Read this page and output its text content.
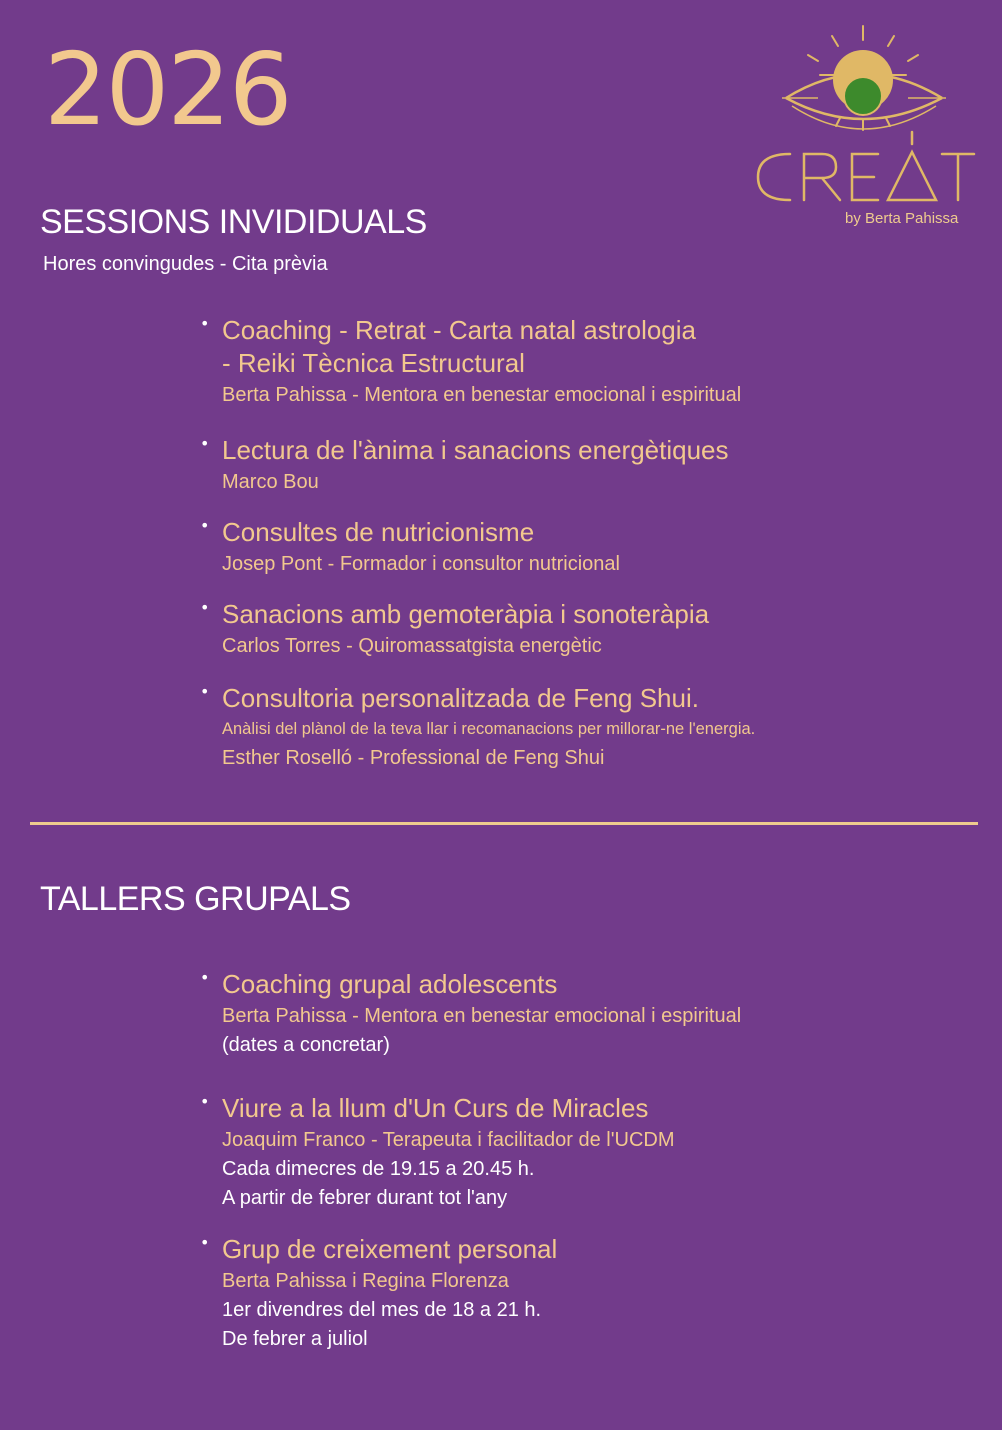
2026
by Berta Pahissa
SESSIONS INVIDIDUALS
Hores convingudes - Cita prèvia
• Coaching - Retrat - Carta natal astrologia
- Reiki Tècnica Estructural
Berta Pahissa - Mentora en benestar emocional i espiritual
• Lectura de l'ànima i sanacions energètiques
Marco Bou
• Consultes de nutricionisme
Josep Pont - Formador i consultor nutricional
• Sanacions amb gemoteràpia i sonoteràpia
Carlos Torres - Quiromassatgista energètic
• Consultoria personalitzada de Feng Shui.
Anàlisi del plànol de la teva llar i recomanacions per millorar-ne l'energia.
Esther Roselló - Professional de Feng Shui
TALLERS GRUPALS
• Coaching grupal adolescents
Berta Pahissa - Mentora en benestar emocional i espiritual
(dates a concretar)
• Viure a la llum d'Un Curs de Miracles
Joaquim Franco - Terapeuta i facilitador de l'UCDM
Cada dimecres de 19.15 a 20.45 h.
A partir de febrer durant tot l'any
• Grup de creixement personal
Berta Pahissa i Regina Florenza
1er divendres del mes de 18 a 21 h.
De febrer a juliol
